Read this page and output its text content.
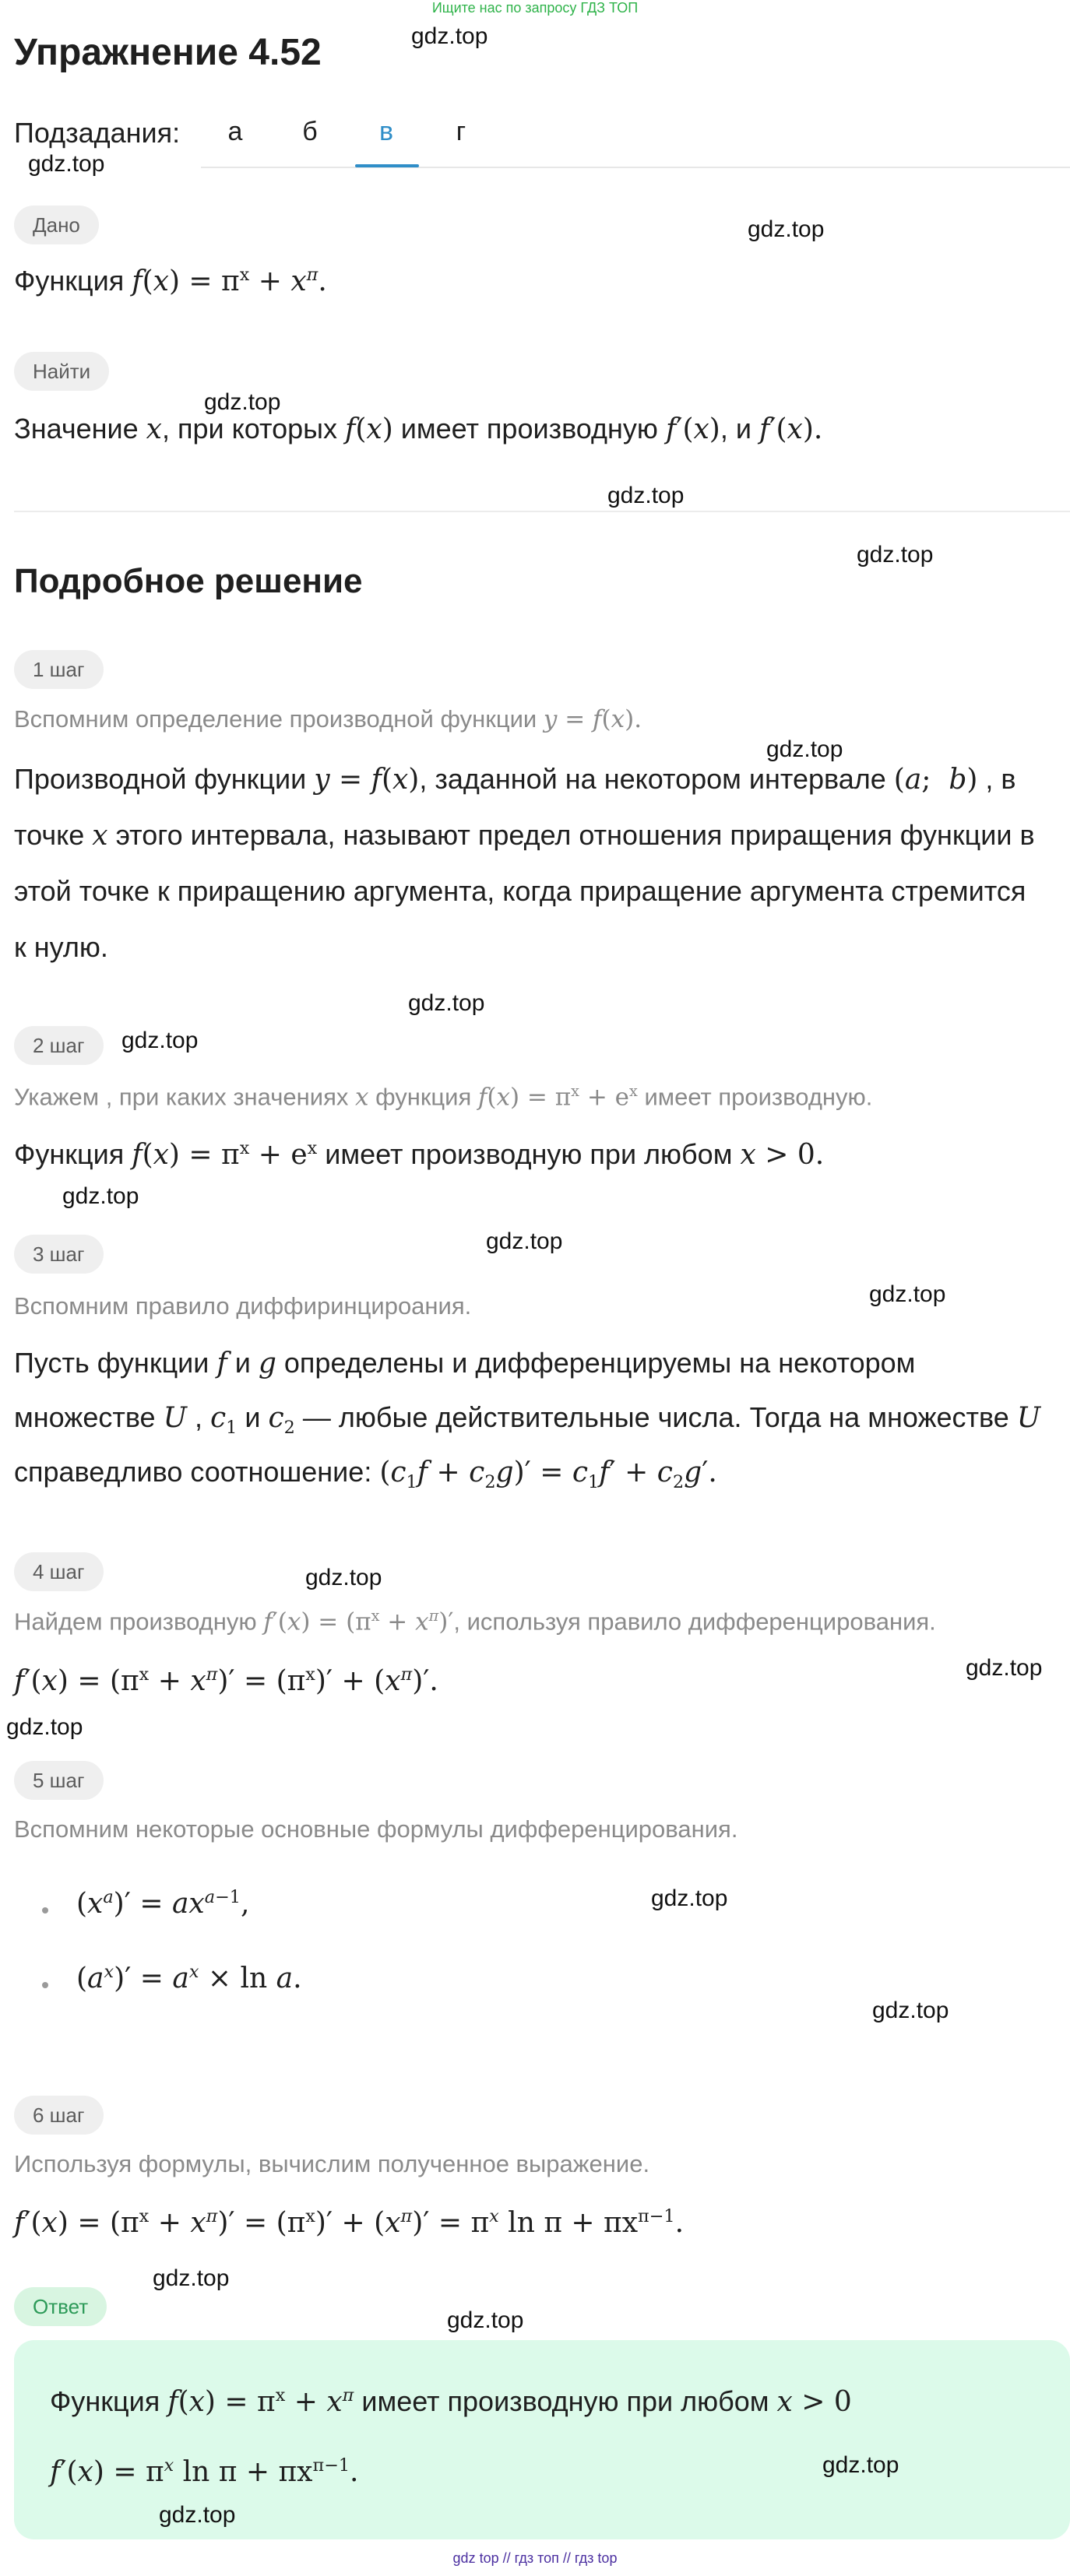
Ищите нас по запросу ГДЗ ТОП
Упражнение 4.52
Подзадания:	а	б	в	г
Дано
Функция $f(x) = \pi^x + x^\pi$.
Найти
Значение x, при которых f(x) имеет производную f′(x), и f′(x).
Подробное решение
1 шаг
Вспомним определение производной функции y = f(x).
Производной функции y = f(x), заданной на некотором интервале (a;  b) , в
точке x этого интервала, называют предел отношения приращения функции в
этой точке к приращению аргумента, когда приращение аргумента стремится
к нулю.
2 шаг
Укажем , при каких значениях x функция $f(x) = \pi^x + e^x$ имеет производную.
Функция $f(x) = \pi^x + e^x$ имеет производную при любом x > 0.
3 шаг
Вспомним правило диффиринцироания.
Пусть функции f и g определены и дифференцируемы на некотором
множестве U , $c_1$ и $c_2$ — любые действительные числа. Тогда на множестве U
справедливо соотношение: $(c_1f + c_2g)' = c_1f' + c_2g'$.
4 шаг
Найдем производную $f'(x) = (\pi^x + x^\pi)'$, используя правило дифференцирования.
$f'(x) = (\pi^x + x^\pi)' = (\pi^x)' + (x^\pi)'$.
5 шаг
Вспомним некоторые основные формулы дифференцирования.
$(x^a)' = ax^{a-1}$,
$(a^x)' = a^x \times \ln a$.
6 шаг
Используя формулы, вычислим полученное выражение.
$f'(x) = (\pi^x + x^\pi)' = (\pi^x)' + (x^\pi)' = \pi^x$ $\ln \pi + \pi x^{\pi-1}$.
Ответ
Функция $f(x) = \pi^x + x^\pi$ имеет производную при любом x > 0
$f'(x) = \pi^x$ $\ln \pi + \pi x^{\pi-1}$.
gdz.top
gdz.top
gdz.top
gdz.top
gdz.top
gdz.top
gdz.top
gdz.top
gdz.top
gdz.top
gdz.top
gdz.top
gdz.top
gdz.top
gdz.top
gdz.top
gdz.top
gdz.top
gdz.top
gdz.top
gdz.top
gdz top // гдз топ // гдз top
